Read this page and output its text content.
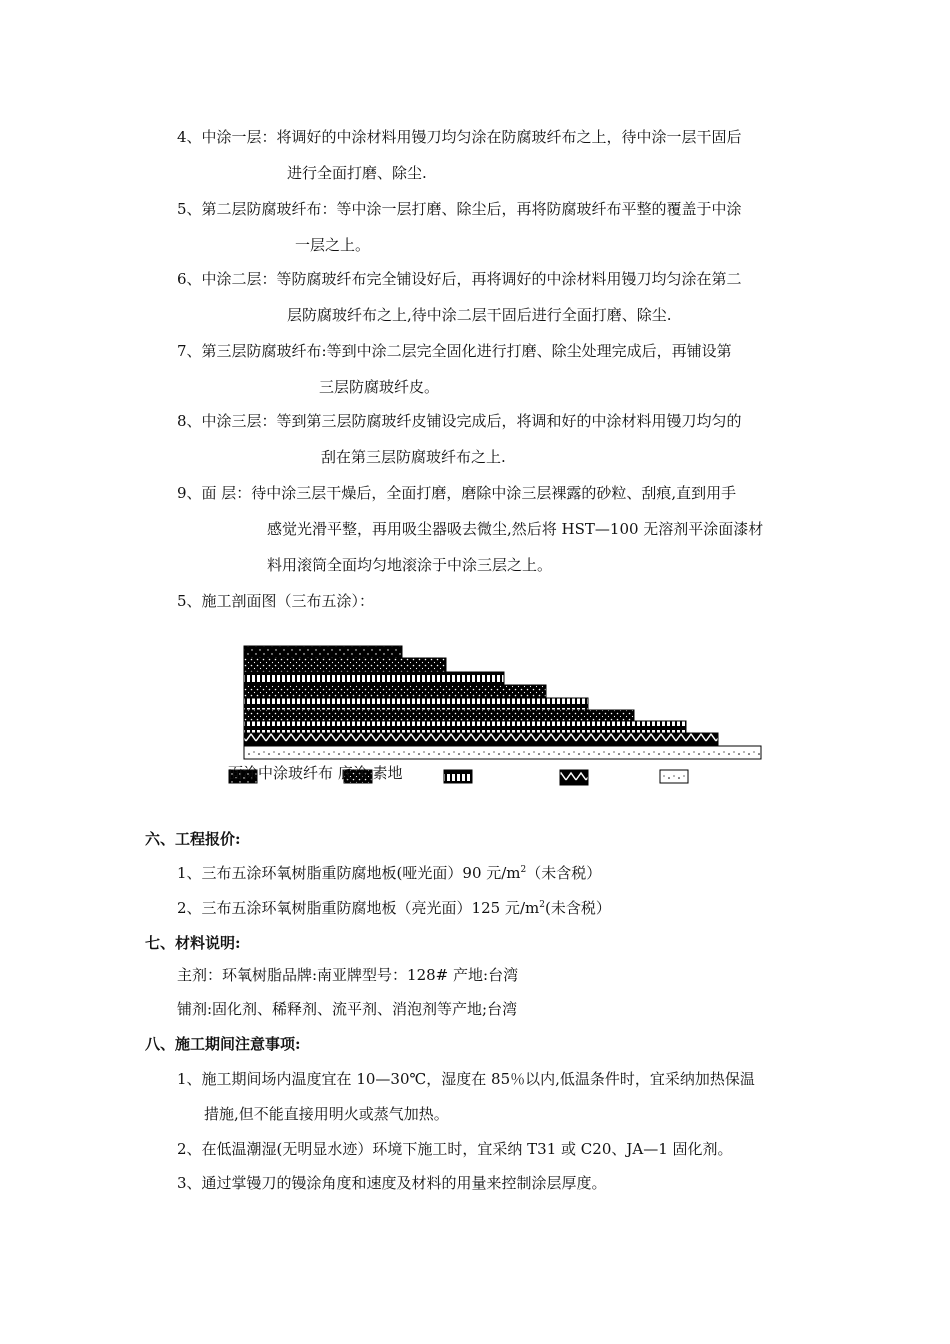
4、中涂一层：将调好的中涂材料用镘刀均匀涂在防腐玻纤布之上，待中涂一层干固后
进行全面打磨、除尘.
5、第二层防腐玻纤布：等中涂一层打磨、除尘后，再将防腐玻纤布平整的覆盖于中涂
一层之上。
6、中涂二层：等防腐玻纤布完全铺设好后，再将调好的中涂材料用镘刀均匀涂在第二
层防腐玻纤布之上,待中涂二层干固后进行全面打磨、除尘.
7、第三层防腐玻纤布:等到中涂二层完全固化进行打磨、除尘处理完成后，再铺设第
三层防腐玻纤皮。
8、中涂三层：等到第三层防腐玻纤皮铺设完成后，将调和好的中涂材料用镘刀均匀的
刮在第三层防腐玻纤布之上.
9、面 层：待中涂三层干燥后，全面打磨，磨除中涂三层裸露的砂粒、刮痕,直到用手
感觉光滑平整，再用吸尘器吸去微尘,然后将 HST—100 无溶剂平涂面漆材
料用滚筒全面均匀地滚涂于中涂三层之上。
5、施工剖面图（三布五涂）：
面涂中涂玻纤布 底涂 素地
六、工程报价:
1、三布五涂环氧树脂重防腐地板(哑光面）90 元$/m^2$（未含税）
2、三布五涂环氧树脂重防腐地板（亮光面）125 元$/m^2$(未含税）
七、材料说明:
主剂：环氧树脂品牌:南亚牌型号：128# 产地:台湾
铺剂:固化剂、稀释剂、流平剂、消泡剂等产地;台湾
八、施工期间注意事项:
1、施工期间场内温度宜在 10—30℃，湿度在 85％以内,低温条件时，宜采纳加热保温
措施,但不能直接用明火或蒸气加热。
2、在低温潮湿(无明显水迹）环境下施工时，宜采纳 T31 或 C20、JA—1 固化剂。
3、通过掌镘刀的镘涂角度和速度及材料的用量来控制涂层厚度。
